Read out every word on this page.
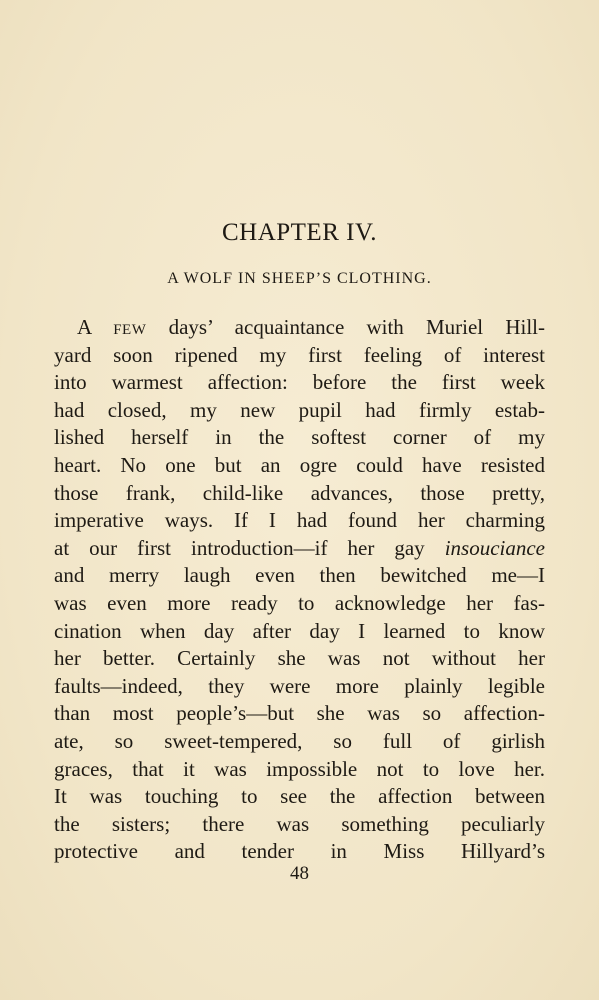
CHAPTER IV.
A WOLF IN SHEEP’S CLOTHING.
A FEW days’ acquaintance with Muriel Hill-
yard soon ripened my first feeling of interest
into warmest affection: before the first week
had closed, my new pupil had firmly estab-
lished herself in the softest corner of my
heart. No one but an ogre could have resisted
those frank, child-like advances, those pretty,
imperative ways. If I had found her charming
at our first introduction—if her gay insouciance
and merry laugh even then bewitched me—I
was even more ready to acknowledge her fas-
cination when day after day I learned to know
her better. Certainly she was not without her
faults—indeed, they were more plainly legible
than most people’s—but she was so affection-
ate, so sweet-tempered, so full of girlish
graces, that it was impossible not to love her.
It was touching to see the affection between
the sisters; there was something peculiarly
protective and tender in Miss Hillyard’s
48
